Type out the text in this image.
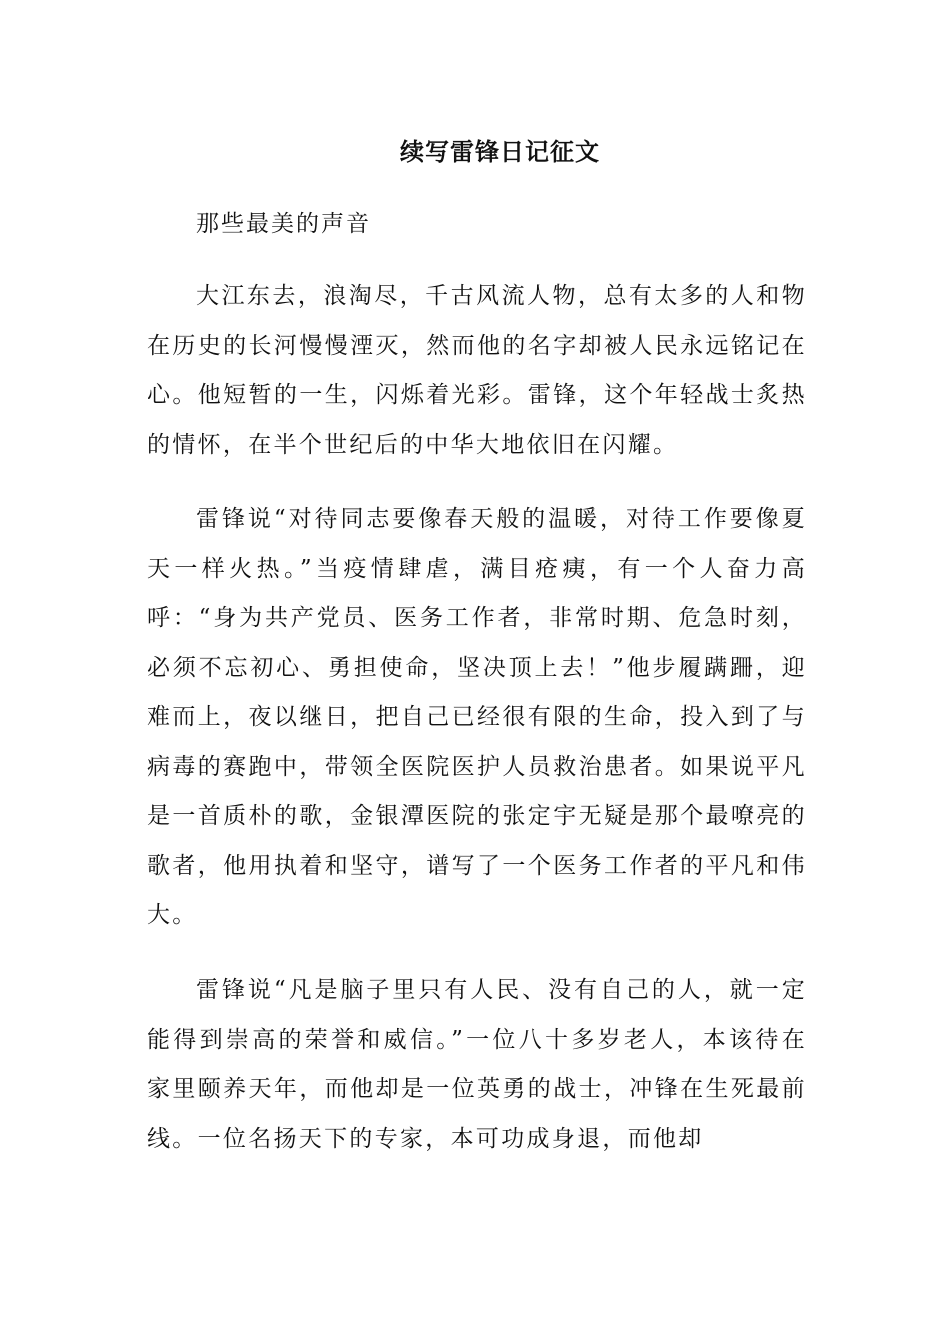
续写雷锋日记征文
那些最美的声音

大江东去，浪淘尽，千古风流人物，总有太多的人和物在历史的长河慢慢湮灭，然而他的名字却被人民永远铭记在心。他短暂的一生，闪烁着光彩。雷锋，这个年轻战士炙热的情怀，在半个世纪后的中华大地依旧在闪耀。

雷锋说“对待同志要像春天般的温暖，对待工作要像夏天一样火热。”当疫情肆虐，满目疮痍，有一个人奋力高呼：“身为共产党员、医务工作者，非常时期、危急时刻，必须不忘初心、勇担使命，坚决顶上去！”他步履蹒跚，迎难而上，夜以继日，把自己已经很有限的生命，投入到了与病毒的赛跑中，带领全医院医护人员救治患者。如果说平凡是一首质朴的歌，金银潭医院的张定宇无疑是那个最嘹亮的歌者，他用执着和坚守，谱写了一个医务工作者的平凡和伟大。

雷锋说“凡是脑子里只有人民、没有自己的人，就一定能得到崇高的荣誉和威信。”一位八十多岁老人，本该待在家里颐养天年，而他却是一位英勇的战士，冲锋在生死最前线。一位名扬天下的专家，本可功成身退，而他却
